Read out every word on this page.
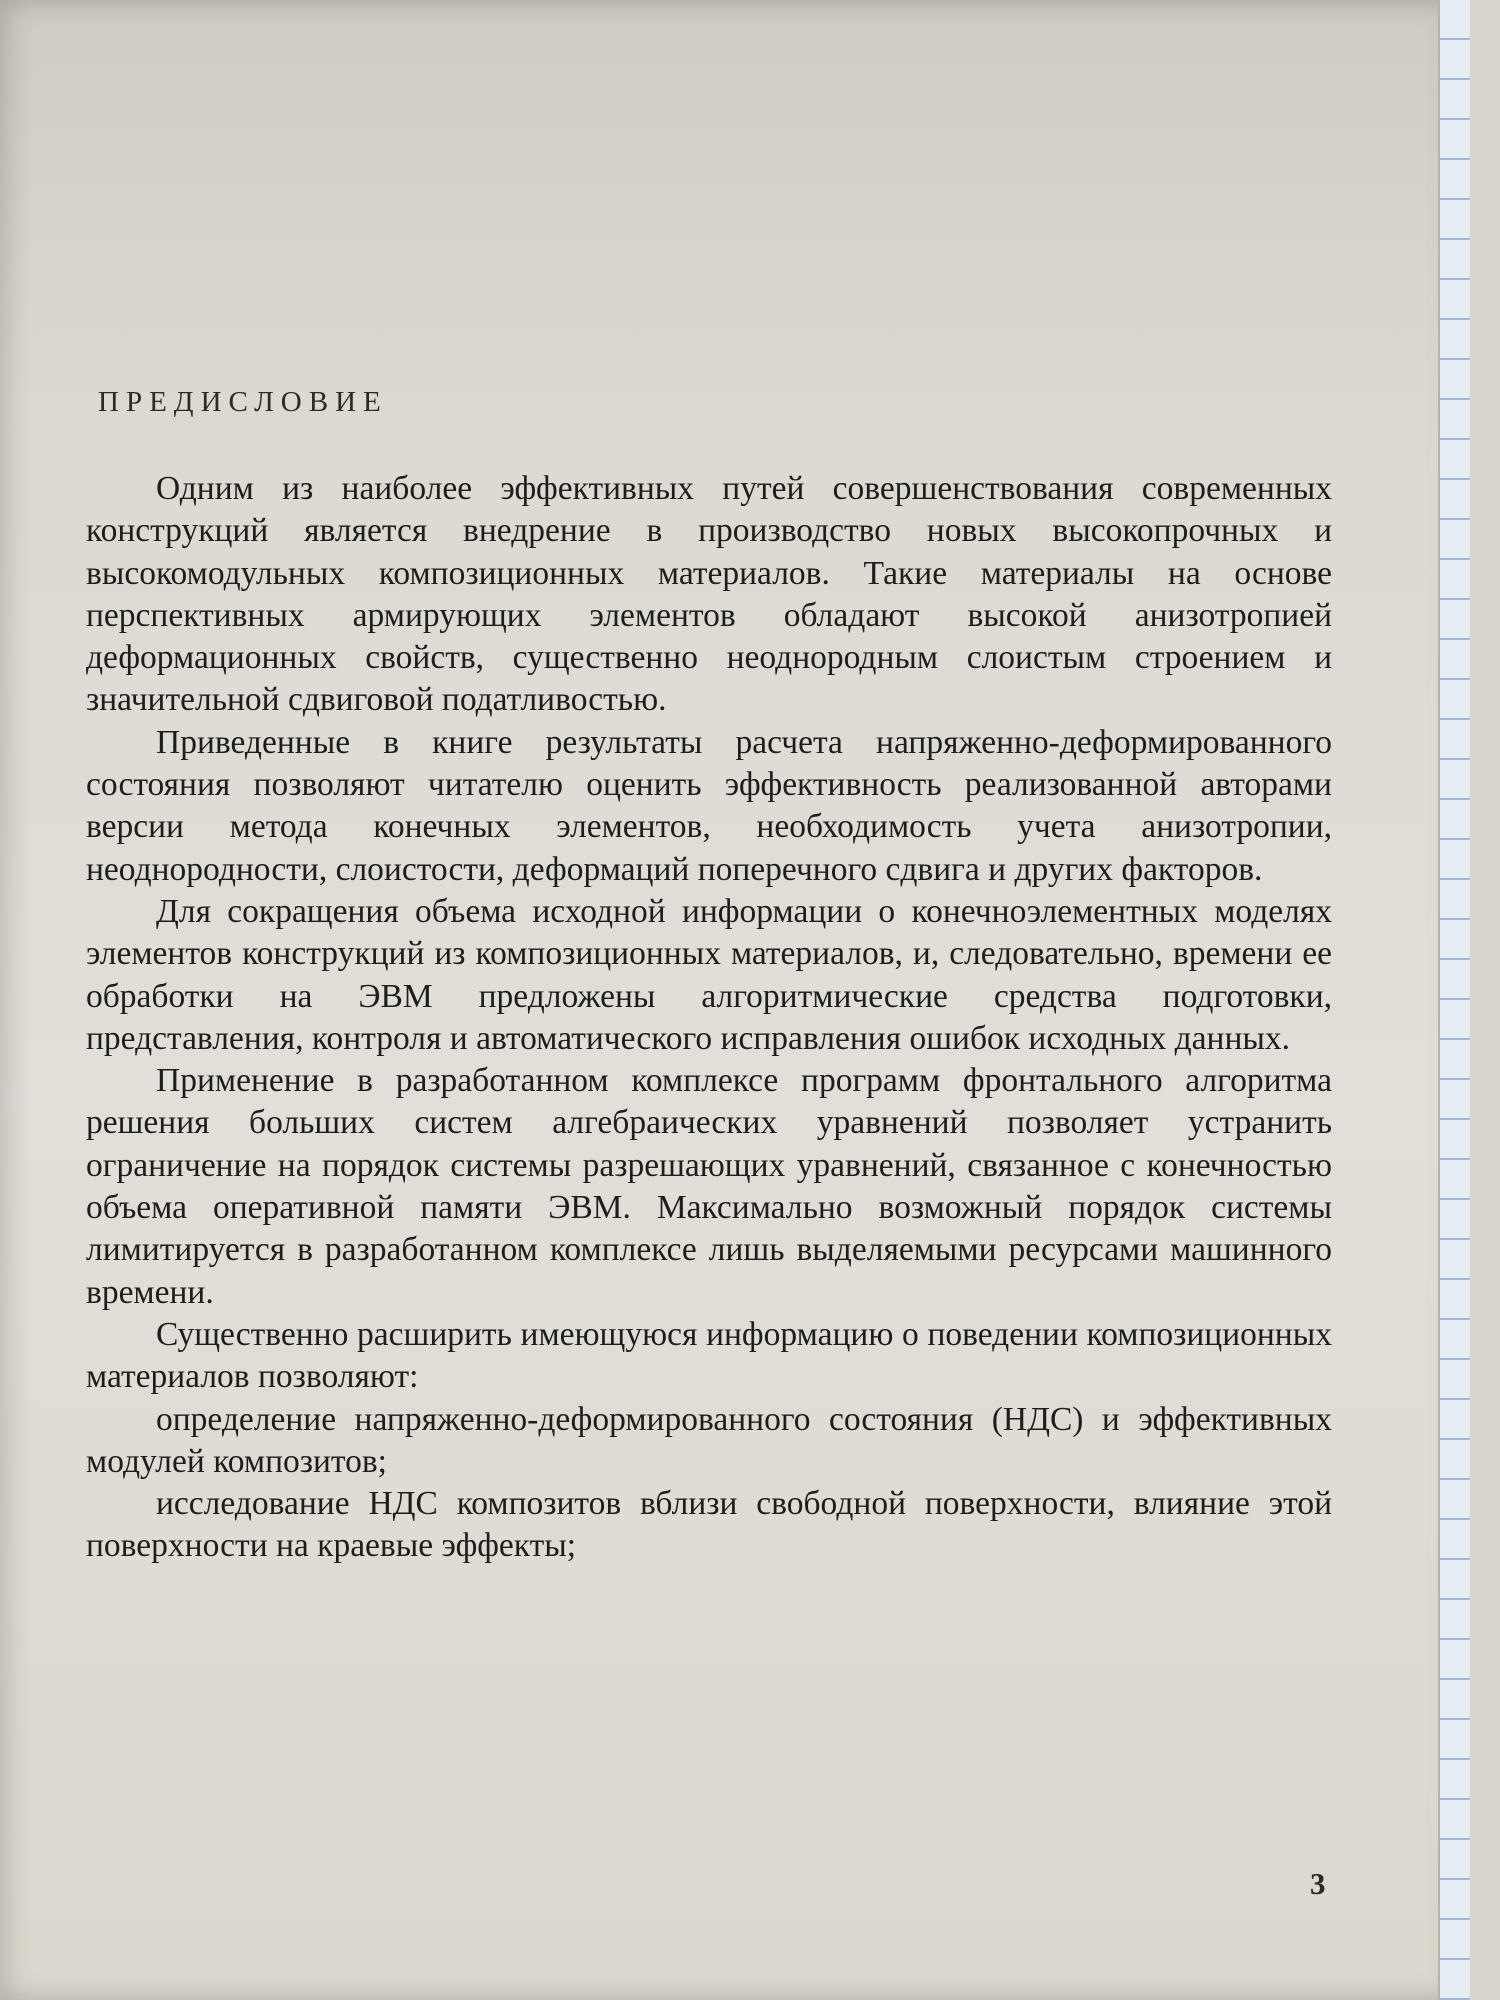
ПРЕДИСЛОВИЕ

Одним из наиболее эффективных путей совершенствования современных конструкций является внедрение в производство новых высокопрочных и высокомодульных композиционных материалов. Такие материалы на основе перспективных армирующих элементов обладают высокой анизотропией деформационных свойств, существенно неоднородным слоистым строением и значительной сдвиговой податливостью.

Приведенные в книге результаты расчета напряженно-деформированного состояния позволяют читателю оценить эффективность реализованной авторами версии метода конечных элементов, необходимость учета анизотропии, неоднородности, слоистости, деформаций поперечного сдвига и других факторов.

Для сокращения объема исходной информации о конечноэлементных моделях элементов конструкций из композиционных материалов, и, следовательно, времени ее обработки на ЭВМ предложены алгоритмические средства подготовки, представления, контроля и автоматического исправления ошибок исходных данных.

Применение в разработанном комплексе программ фронтального алгоритма решения больших систем алгебраических уравнений позволяет устранить ограничение на порядок системы разрешающих уравнений, связанное с конечностью объема оперативной памяти ЭВМ. Максимально возможный порядок системы лимитируется в разработанном комплексе лишь выделяемыми ресурсами машинного времени.

Существенно расширить имеющуюся информацию о поведении композиционных материалов позволяют:

определение напряженно-деформированного состояния (НДС) и эффективных модулей композитов;

исследование НДС композитов вблизи свободной поверхности, влияние этой поверхности на краевые эффекты;

3
